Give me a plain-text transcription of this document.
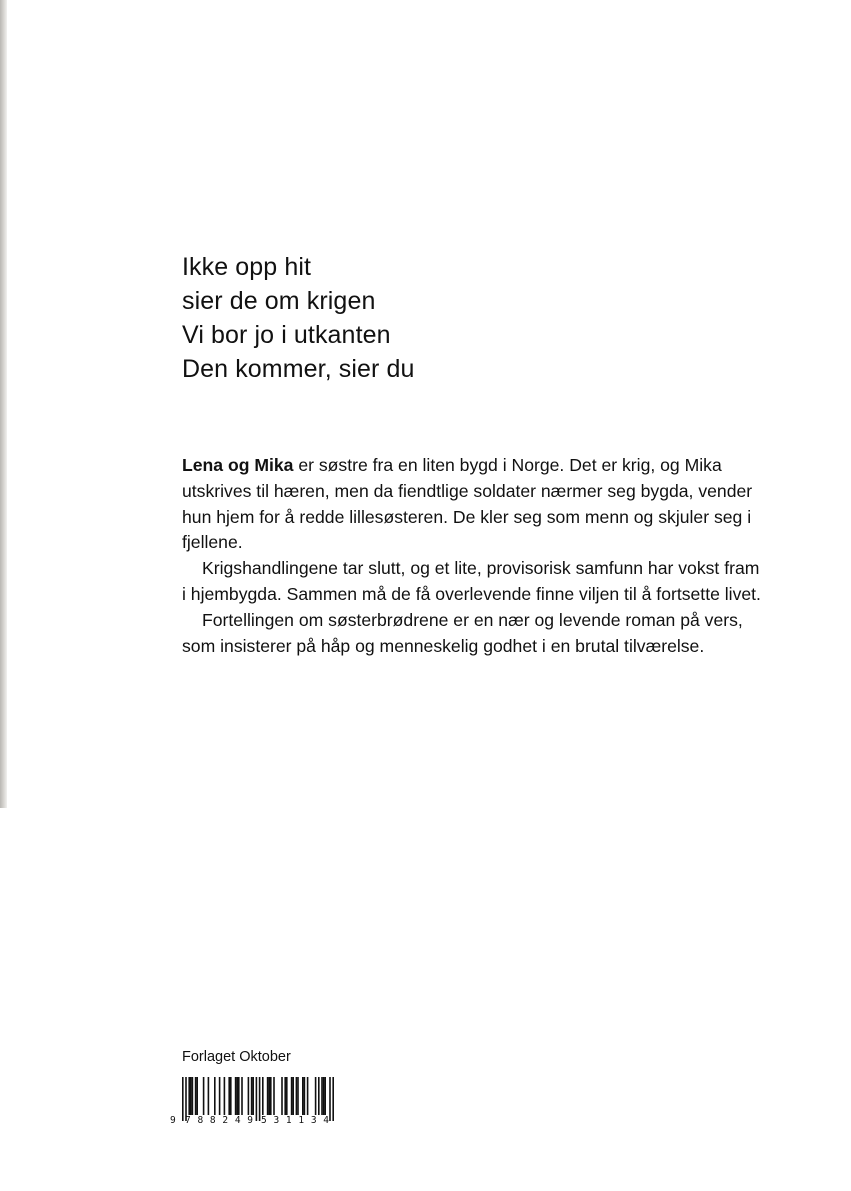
Ikke opp hit
sier de om krigen
Vi bor jo i utkanten
Den kommer, sier du

Lena og Mika er søstre fra en liten bygd i Norge. Det er krig, og Mika utskrives til hæren, men da fiendtlige soldater nærmer seg bygda, vender hun hjem for å redde lillesøsteren. De kler seg som menn og skjuler seg i fjellene.

Krigshandlingene tar slutt, og et lite, provisorisk samfunn har vokst fram i hjembygda. Sammen må de få overlevende finne viljen til å fortsette livet.

Fortellingen om søsterbrødrene er en nær og levende roman på vers, som insisterer på håp og menneskelig godhet i en brutal tilværelse.

Forlaget Oktober
9 788249 531134
